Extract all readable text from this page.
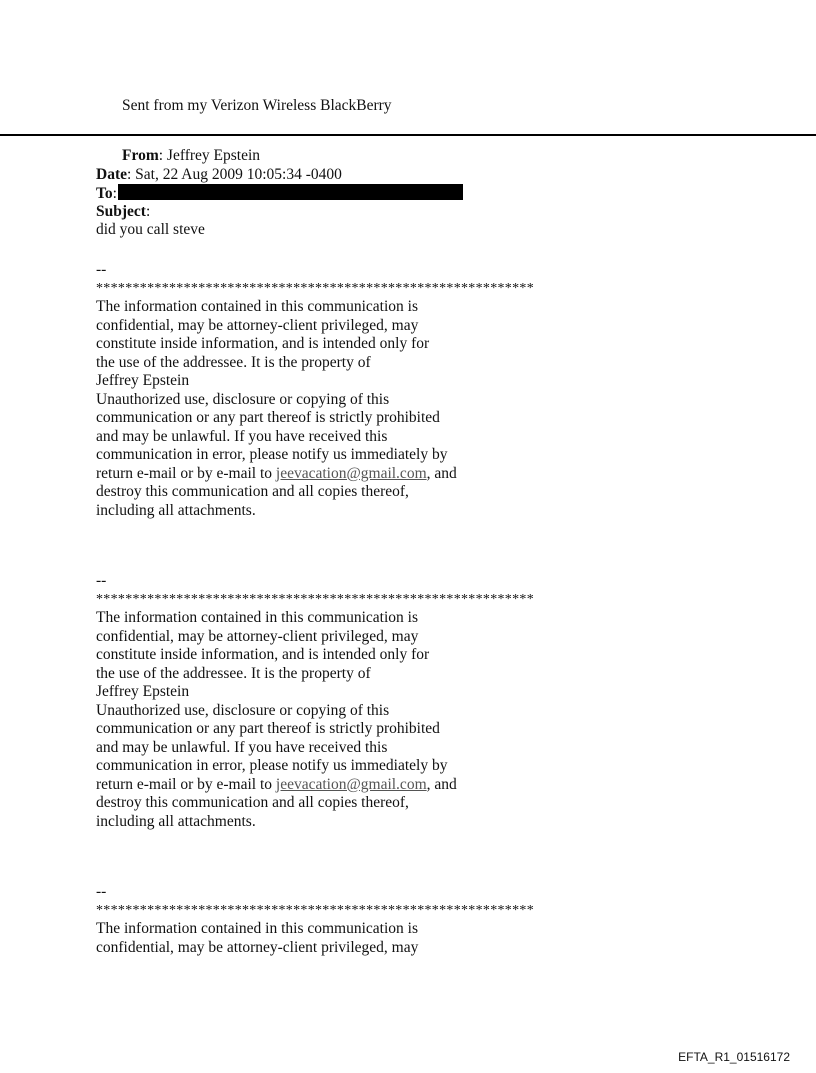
Sent from my Verizon Wireless BlackBerry
From: Jeffrey Epstein
Date: Sat, 22 Aug 2009 10:05:34 -0400
To:
Subject:
did you call steve
--
************************************************************
The information contained in this communication is
confidential, may be attorney-client privileged, may
constitute inside information, and is intended only for
the use of the addressee. It is the property of
Jeffrey Epstein
Unauthorized use, disclosure or copying of this
communication or any part thereof is strictly prohibited
and may be unlawful. If you have received this
communication in error, please notify us immediately by
return e-mail or by e-mail to jeevacation@gmail.com, and
destroy this communication and all copies thereof,
including all attachments.
--
************************************************************
The information contained in this communication is
confidential, may be attorney-client privileged, may
constitute inside information, and is intended only for
the use of the addressee. It is the property of
Jeffrey Epstein
Unauthorized use, disclosure or copying of this
communication or any part thereof is strictly prohibited
and may be unlawful. If you have received this
communication in error, please notify us immediately by
return e-mail or by e-mail to jeevacation@gmail.com, and
destroy this communication and all copies thereof,
including all attachments.
--
************************************************************
The information contained in this communication is
confidential, may be attorney-client privileged, may
EFTA_R1_01516172
